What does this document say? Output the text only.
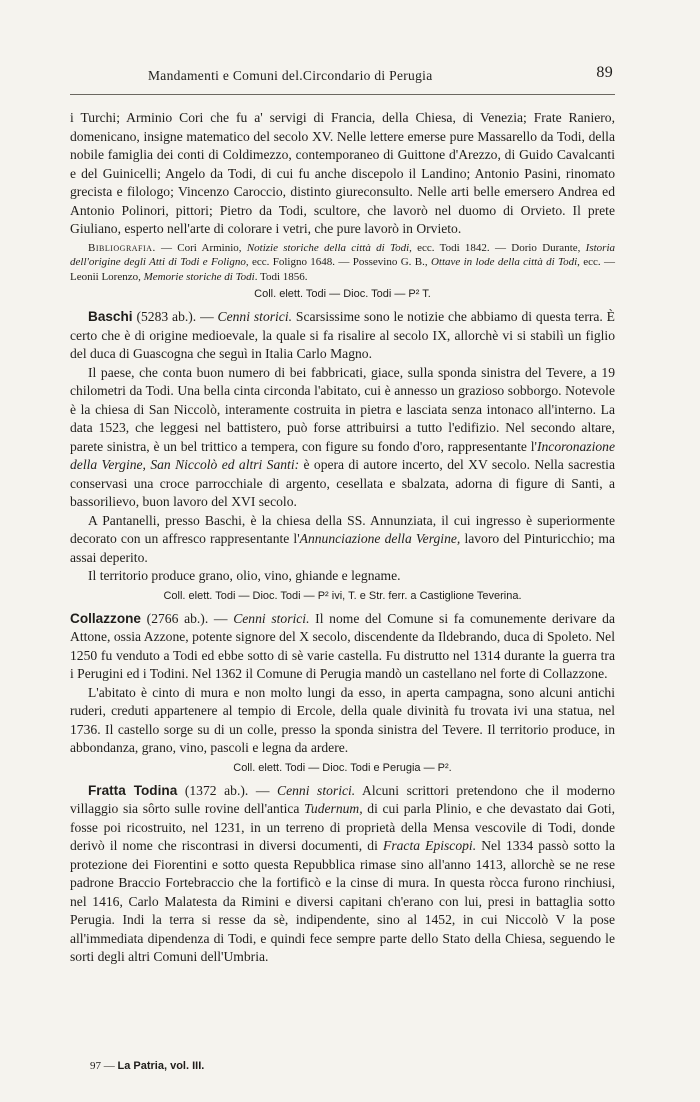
Mandamenti e Comuni del.Circondario di Perugia	89

i Turchi; Arminio Cori che fu a' servigi di Francia, della Chiesa, di Venezia; Frate Raniero, domenicano, insigne matematico del secolo XV. Nelle lettere emerse pure Massarello da Todi, della nobile famiglia dei conti di Coldimezzo, contemporaneo di Guittone d'Arezzo, di Guido Cavalcanti e del Guinicelli; Angelo da Todi, di cui fu anche discepolo il Landino; Antonio Pasini, rinomato grecista e filologo; Vincenzo Caroccio, distinto giureconsulto. Nelle arti belle emersero Andrea ed Antonio Polinori, pittori; Pietro da Todi, scultore, che lavorò nel duomo di Orvieto. Il prete Giuliano, esperto nell'arte di colorare i vetri, che pure lavorò in Orvieto.

Bibliografia. — Cori Arminio, Notizie storiche della città di Todi, ecc. Todi 1842. — Dorio Durante, Istoria dell'origine degli Atti di Todi e Foligno, ecc. Foligno 1648. — Possevino G. B., Ottave in lode della città di Todi, ecc. — Leonii Lorenzo, Memorie storiche di Todi. Todi 1856.

Coll. elett. Todi — Dioc. Todi — P² T.

Baschi (5283 ab.). — Cenni storici. Scarsissime sono le notizie che abbiamo di questa terra. È certo che è di origine medioevale, la quale si fa risalire al secolo IX, allorchè vi si stabilì un figlio del duca di Guascogna che seguì in Italia Carlo Magno.

Il paese, che conta buon numero di bei fabbricati, giace, sulla sponda sinistra del Tevere, a 19 chilometri da Todi. Una bella cinta circonda l'abitato, cui è annesso un grazioso sobborgo. Notevole è la chiesa di San Niccolò, interamente costruita in pietra e lasciata senza intonaco all'interno. La data 1523, che leggesi nel battistero, può forse attribuirsi a tutto l'edifizio. Nel secondo altare, parete sinistra, è un bel trittico a tempera, con figure su fondo d'oro, rappresentante l'Incoronazione della Vergine, San Niccolò ed altri Santi: è opera di autore incerto, del XV secolo. Nella sacrestia conservasi una croce parrocchiale di argento, cesellata e sbalzata, adorna di figure di Santi, a bassorilievo, buon lavoro del XVI secolo.

A Pantanelli, presso Baschi, è la chiesa della SS. Annunziata, il cui ingresso è superiormente decorato con un affresco rappresentante l'Annunciazione della Vergine, lavoro del Pinturicchio; ma assai deperito.

Il territorio produce grano, olio, vino, ghiande e legname.

Coll. elett. Todi — Dioc. Todi — P² ivi, T. e Str. ferr. a Castiglione Teverina.

Collazzone (2766 ab.). — Cenni storici. Il nome del Comune si fa comunemente derivare da Attone, ossia Azzone, potente signore del X secolo, discendente da Ildebrando, duca di Spoleto. Nel 1250 fu venduto a Todi ed ebbe sotto di sè varie castella. Fu distrutto nel 1314 durante la guerra tra i Perugini ed i Todini. Nel 1362 il Comune di Perugia mandò un castellano nel forte di Collazzone.

L'abitato è cinto di mura e non molto lungi da esso, in aperta campagna, sono alcuni antichi ruderi, creduti appartenere al tempio di Ercole, della quale divinità fu trovata ivi una statua, nel 1736. Il castello sorge su di un colle, presso la sponda sinistra del Tevere. Il territorio produce, in abbondanza, grano, vino, pascoli e legna da ardere.

Coll. elett. Todi — Dioc. Todi e Perugia — P².

Fratta Todina (1372 ab.). — Cenni storici. Alcuni scrittori pretendono che il moderno villaggio sia sôrto sulle rovine dell'antica Tudernum, di cui parla Plinio, e che devastato dai Goti, fosse poi ricostruito, nel 1231, in un terreno di proprietà della Mensa vescovile di Todi, donde derivò il nome che riscontrasi in diversi documenti, di Fracta Episcopi. Nel 1334 passò sotto la protezione dei Fiorentini e sotto questa Repubblica rimase sino all'anno 1413, allorchè se ne rese padrone Braccio Fortebraccio che la fortificò e la cinse di mura. In questa ròcca furono rinchiusi, nel 1416, Carlo Malatesta da Rimini e diversi capitani ch'erano con lui, presi in battaglia sotto Perugia. Indi la terra si resse da sè, indipendente, sino al 1452, in cui Niccolò V la pose all'immediata dipendenza di Todi, e quindi fece sempre parte dello Stato della Chiesa, seguendo le sorti degli altri Comuni dell'Umbria.

97 — La Patria, vol. III.
